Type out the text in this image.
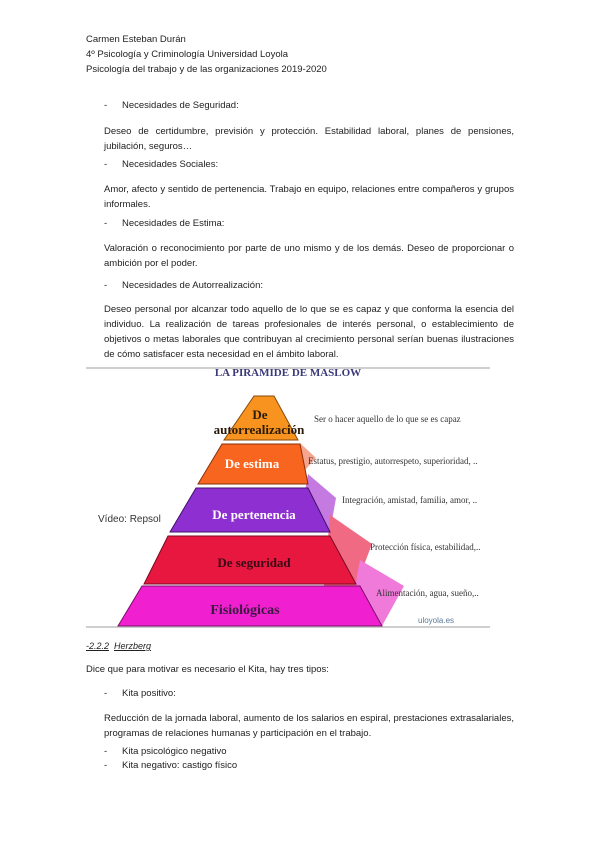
Carmen Esteban Durán
4º Psicología y Criminología Universidad Loyola
Psicología del trabajo y de las organizaciones 2019-2020
- Necesidades de Seguridad:
Deseo de certidumbre, previsión y protección. Estabilidad laboral, planes de pensiones, jubilación, seguros…
- Necesidades Sociales:
Amor, afecto y sentido de pertenencia. Trabajo en equipo, relaciones entre compañeros y grupos informales.
- Necesidades de Estima:
Valoración o reconocimiento por parte de uno mismo y de los demás. Deseo de proporcionar o ambición por el poder.
- Necesidades de Autorrealización:
Deseo personal por alcanzar todo aquello de lo que se es capaz y que conforma la esencia del individuo. La realización de tareas profesionales de interés personal, o establecimiento de objetivos o metas laborales que contribuyan al crecimiento personal serían buenas ilustraciones de cómo satisfacer esta necesidad en el ámbito laboral.
LA PIRAMIDE DE MASLOW
Fisiológicas
De seguridad
De pertenencia
De estima
De
autorrealización
Ser o hacer aquello de lo que se es capaz
Estatus, prestigio, autorrespeto, superioridad, ..
Integración, amistad, familia, amor, ..
Protección física, estabilidad,..
Alimentación, agua, sueño,..
Vídeo: Repsol
uloyola.es
-2.2.2 Herzberg
Dice que para motivar es necesario el Kita, hay tres tipos:
- Kita positivo:
Reducción de la jornada laboral, aumento de los salarios en espiral, prestaciones extrasalariales, programas de relaciones humanas y participación en el trabajo.
- Kita psicológico negativo
- Kita negativo: castigo físico
